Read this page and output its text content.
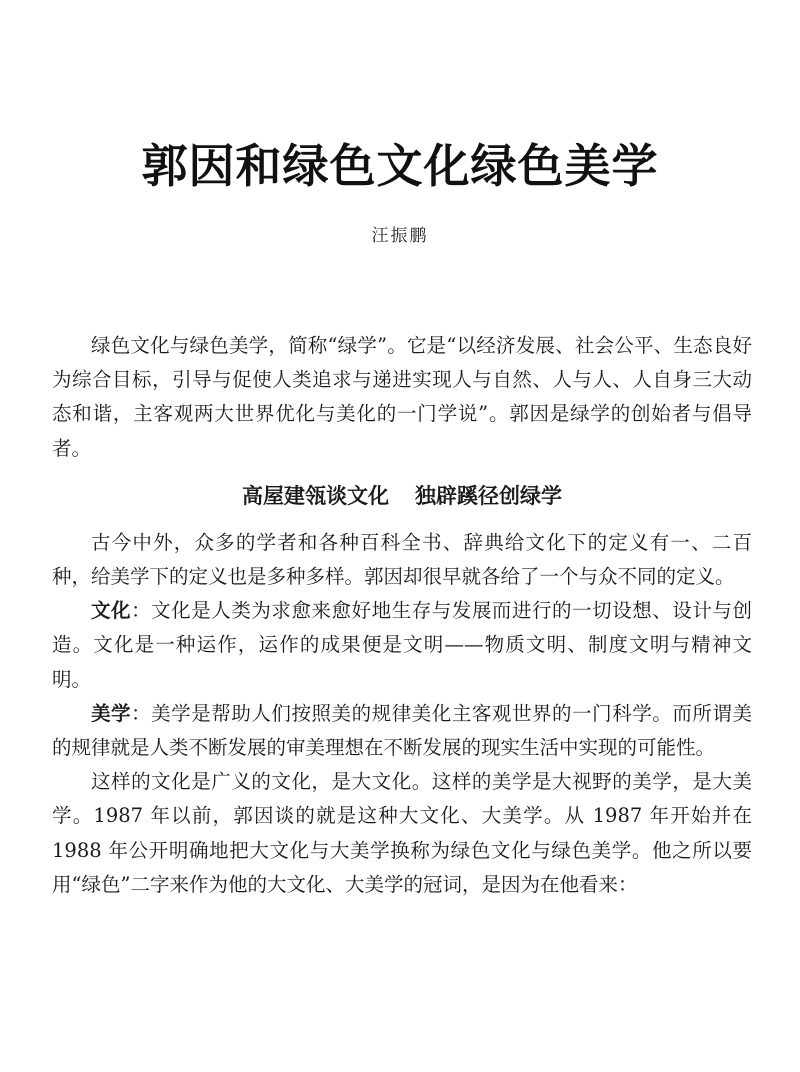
郭因和绿色文化绿色美学
汪振鹏

绿色文化与绿色美学，简称“绿学”。它是“以经济发展、社会公平、生态良好为综合目标，引导与促使人类追求与递进实现人与自然、人与人、人自身三大动态和谐，主客观两大世界优化与美化的一门学说”。郭因是绿学的创始者与倡导者。

高屋建瓴谈文化 独辟蹊径创绿学

古今中外，众多的学者和各种百科全书、辞典给文化下的定义有一、二百种，给美学下的定义也是多种多样。郭因却很早就各给了一个与众不同的定义。

文化：文化是人类为求愈来愈好地生存与发展而进行的一切设想、设计与创造。文化是一种运作，运作的成果便是文明——物质文明、制度文明与精神文明。

美学：美学是帮助人们按照美的规律美化主客观世界的一门科学。而所谓美的规律就是人类不断发展的审美理想在不断发展的现实生活中实现的可能性。

这样的文化是广义的文化，是大文化。这样的美学是大视野的美学，是大美学。1987 年以前，郭因谈的就是这种大文化、大美学。从 1987 年开始并在 1988 年公开明确地把大文化与大美学换称为绿色文化与绿色美学。他之所以要用“绿色”二字来作为他的大文化、大美学的冠词，是因为在他看来：
